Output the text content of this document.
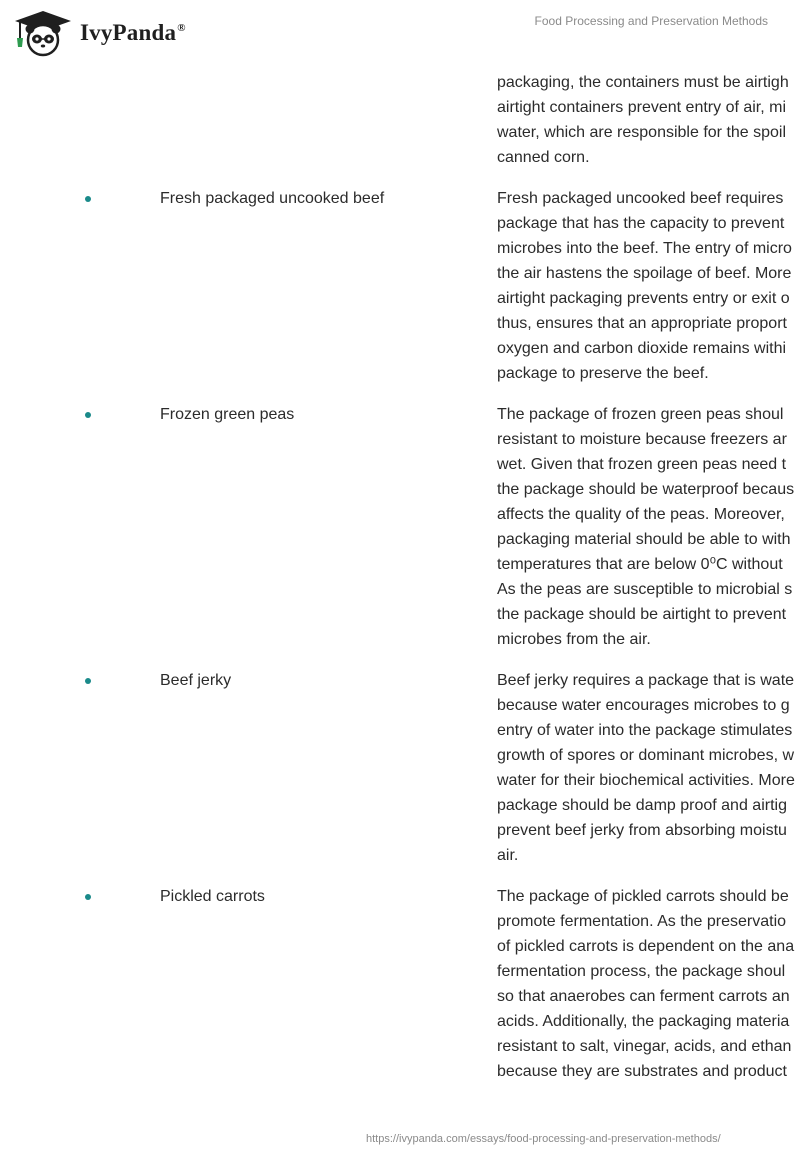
IvyPanda®	Food Processing and Preservation Methods
packaging, the containers must be airtigh
airtight containers prevent entry of air, mi
water, which are responsible for the spoil
canned corn.
Fresh packaged uncooked beef	Fresh packaged uncooked beef requires
package that has the capacity to prevent
microbes into the beef. The entry of micro
the air hastens the spoilage of beef. More
airtight packaging prevents entry or exit o
thus, ensures that an appropriate proport
oxygen and carbon dioxide remains withi
package to preserve the beef.
Frozen green peas	The package of frozen green peas shoul
resistant to moisture because freezers ar
wet. Given that frozen green peas need t
the package should be waterproof becaus
affects the quality of the peas. Moreover,
packaging material should be able to with
temperatures that are below 0⁰C without
As the peas are susceptible to microbial s
the package should be airtight to prevent
microbes from the air.
Beef jerky	Beef jerky requires a package that is wate
because water encourages microbes to g
entry of water into the package stimulates
growth of spores or dominant microbes, w
water for their biochemical activities. More
package should be damp proof and airtig
prevent beef jerky from absorbing moistu
air.
Pickled carrots	The package of pickled carrots should be
promote fermentation. As the preservatio
of pickled carrots is dependent on the ana
fermentation process, the package shoul
so that anaerobes can ferment carrots an
acids. Additionally, the packaging materia
resistant to salt, vinegar, acids, and ethan
because they are substrates and product
https://ivypanda.com/essays/food-processing-and-preservation-methods/
